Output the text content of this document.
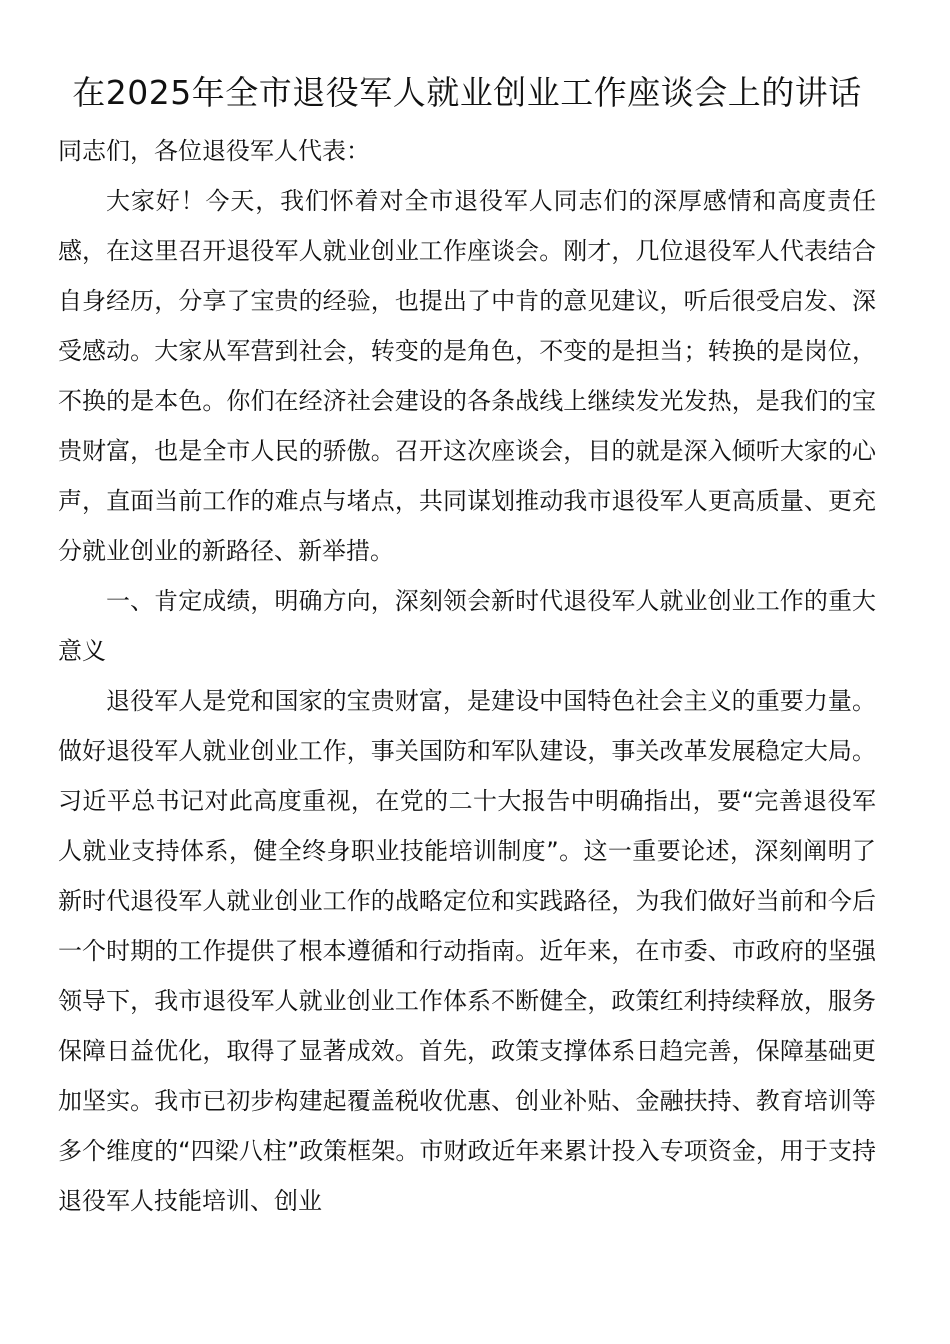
在2025年全市退役军人就业创业工作座谈会上的讲话

同志们，各位退役军人代表：

大家好！今天，我们怀着对全市退役军人同志们的深厚感情和高度责任感，在这里召开退役军人就业创业工作座谈会。刚才，几位退役军人代表结合自身经历，分享了宝贵的经验，也提出了中肯的意见建议，听后很受启发、深受感动。大家从军营到社会，转变的是角色，不变的是担当；转换的是岗位，不换的是本色。你们在经济社会建设的各条战线上继续发光发热，是我们的宝贵财富，也是全市人民的骄傲。召开这次座谈会，目的就是深入倾听大家的心声，直面当前工作的难点与堵点，共同谋划推动我市退役军人更高质量、更充分就业创业的新路径、新举措。

一、肯定成绩，明确方向，深刻领会新时代退役军人就业创业工作的重大意义

退役军人是党和国家的宝贵财富，是建设中国特色社会主义的重要力量。做好退役军人就业创业工作，事关国防和军队建设，事关改革发展稳定大局。习近平总书记对此高度重视，在党的二十大报告中明确指出，要“完善退役军人就业支持体系，健全终身职业技能培训制度”。这一重要论述，深刻阐明了新时代退役军人就业创业工作的战略定位和实践路径，为我们做好当前和今后一个时期的工作提供了根本遵循和行动指南。近年来，在市委、市政府的坚强领导下，我市退役军人就业创业工作体系不断健全，政策红利持续释放，服务保障日益优化，取得了显著成效。首先，政策支撑体系日趋完善，保障基础更加坚实。我市已初步构建起覆盖税收优惠、创业补贴、金融扶持、教育培训等多个维度的“四梁八柱”政策框架。市财政近年来累计投入专项资金，用于支持退役军人技能培训、创业
